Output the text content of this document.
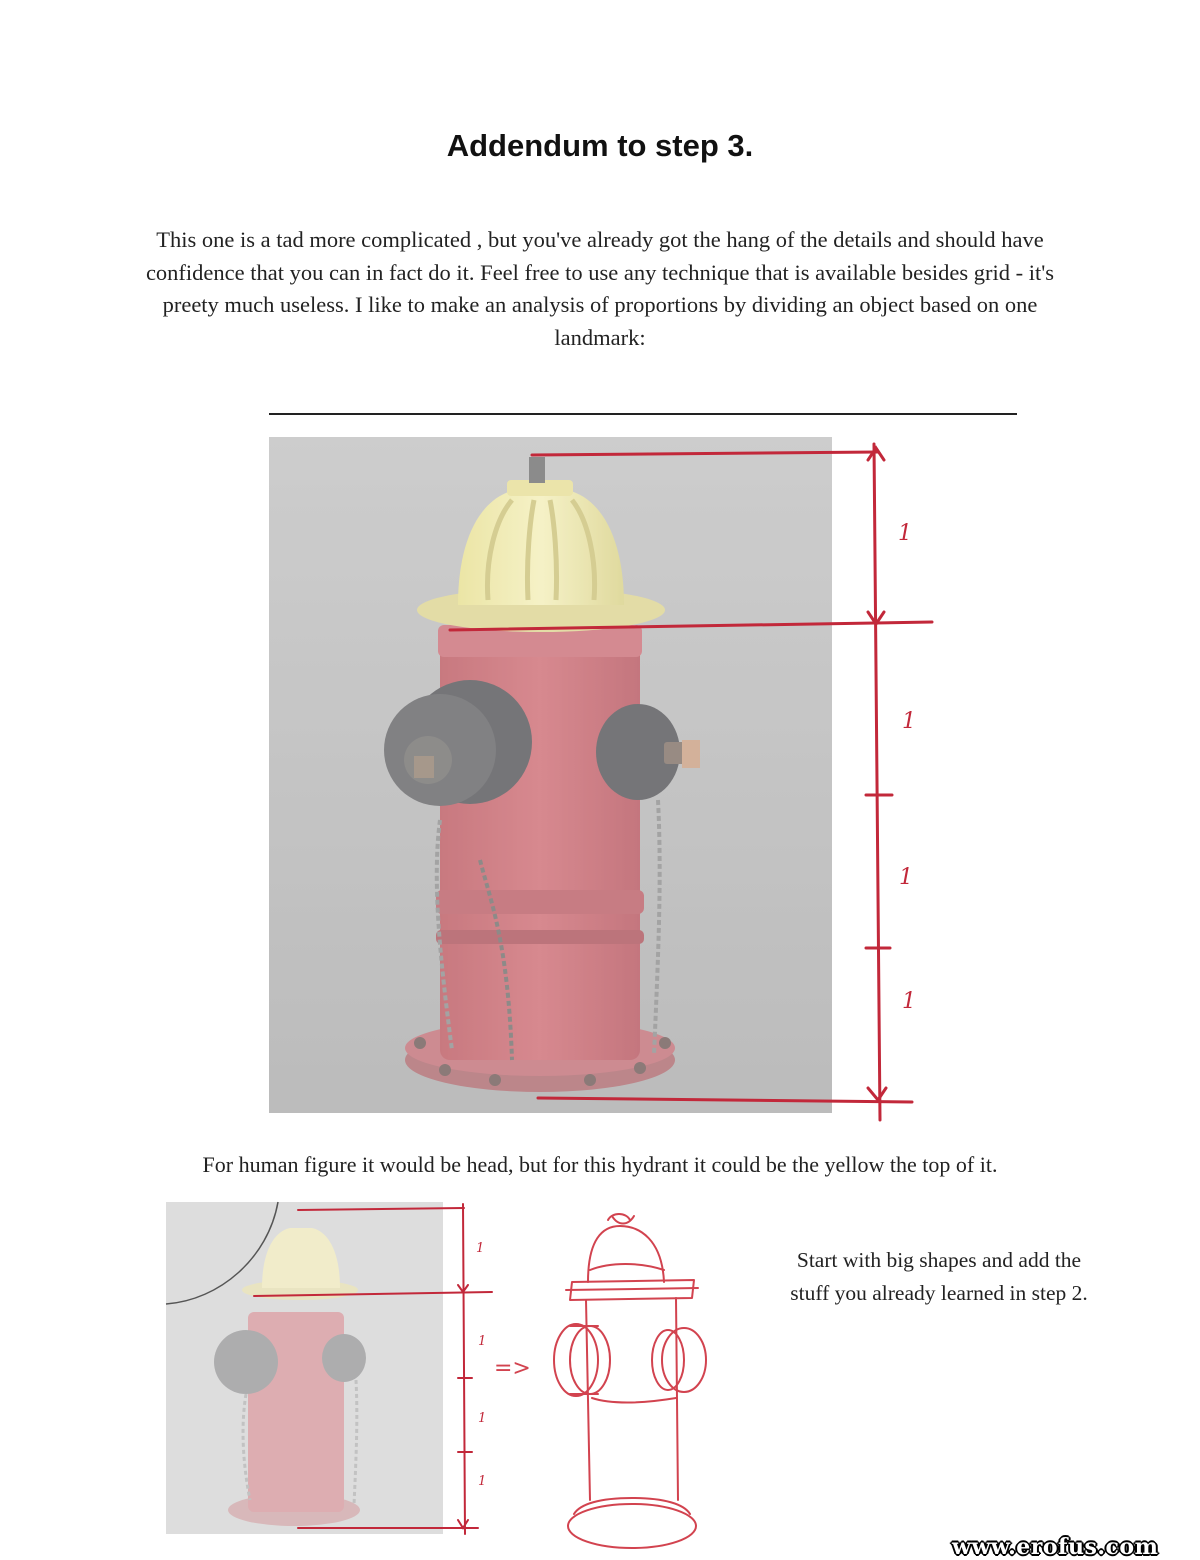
Addendum to step 3.
This one is a tad more complicated , but you've already got the hang of the details and should have confidence that you can in fact do it. Feel free to use any technique that is available besides grid - it's preety much useless. I like to make an analysis of proportions by dividing an object based on one landmark:
1
1
1
1
1
1
1
1
=>
For human figure it would be head, but for this hydrant it could be the yellow the top of it.
Start with big shapes and add the stuff you already learned in step 2.
www.erofus.com
